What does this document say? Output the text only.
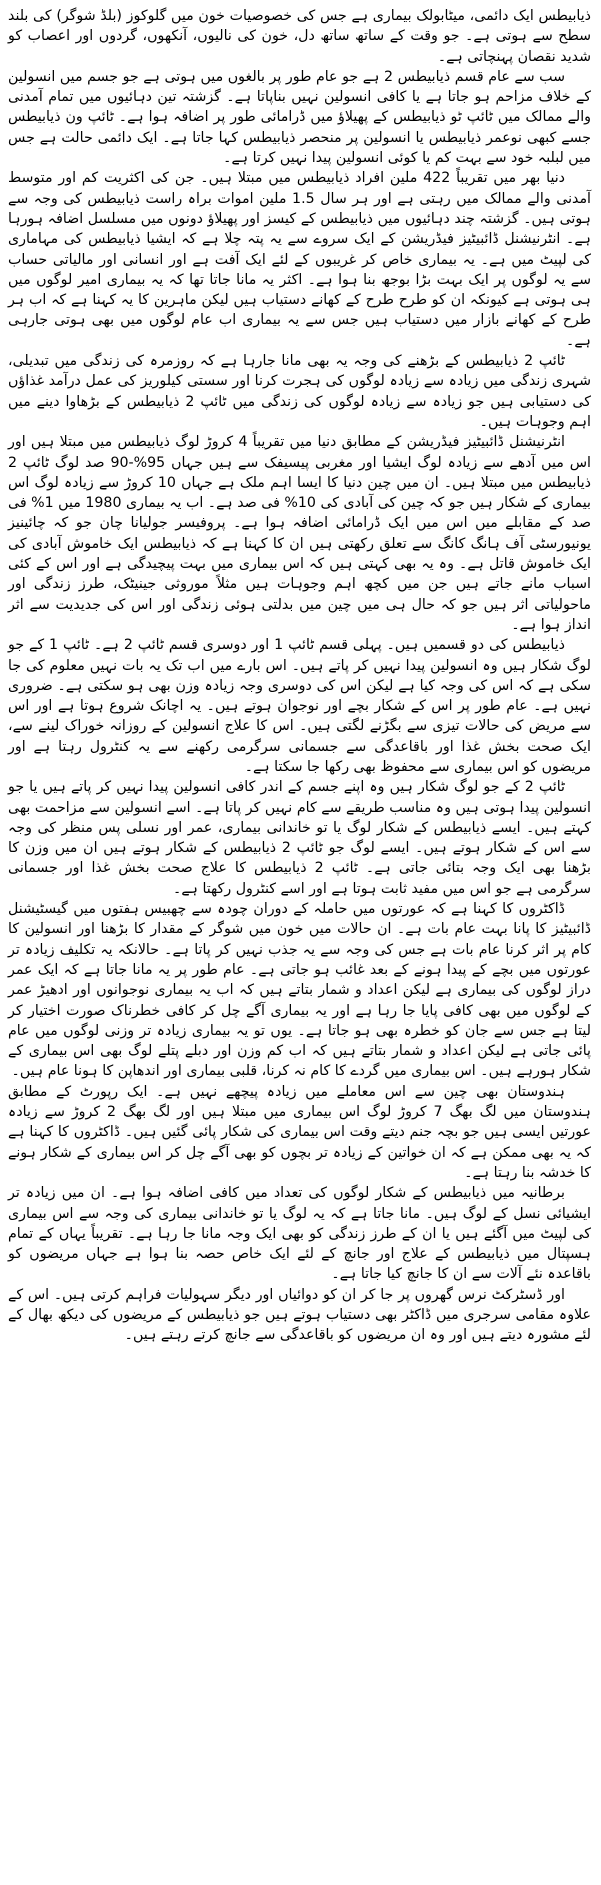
ذیابیطس ایک دائمی، میٹابولک بیماری ہے جس کی خصوصیات خون میں گلوکوز (بلڈ شوگر) کی بلند سطح سے ہوتی ہے۔ جو وقت کے ساتھ ساتھ دل، خون کی نالیوں، آنکھوں، گردوں اور اعصاب کو شدید نقصان پہنچاتی ہے۔

سب سے عام قسم ذیابیطس 2 ہے جو عام طور پر بالغوں میں ہوتی ہے جو جسم میں انسولین کے خلاف مزاحم ہو جاتا ہے یا کافی انسولین نہیں بناپاتا ہے۔ گزشتہ تین دہائیوں میں تمام آمدنی والے ممالک میں ٹائپ ٹو ذیابیطس کے پھیلاؤ میں ڈرامائی طور پر اضافہ ہوا ہے۔ ٹائپ ون ذیابیطس جسے کبھی نوعمر ذیابیطس یا انسولین پر منحصر ذیابیطس کہا جاتا ہے۔ ایک دائمی حالت ہے جس میں لبلبہ خود سے بہت کم یا کوئی انسولین پیدا نہیں کرتا ہے۔

دنیا بھر میں تقریباً 422 ملین افراد ذیابیطس میں مبتلا ہیں۔ جن کی اکثریت کم اور متوسط آمدنی والے ممالک میں رہتی ہے اور ہر سال 1.5 ملین اموات براہ راست ذیابیطس کی وجہ سے ہوتی ہیں۔ گزشتہ چند دہائیوں میں ذیابیطس کے کیسز اور پھیلاؤ دونوں میں مسلسل اضافہ ہورہا ہے۔ انٹرنیشنل ڈائبیٹیز فیڈریشن کے ایک سروے سے یہ پتہ چلا ہے کہ ایشیا ذیابیطس کی مہاماری کی لپیٹ میں ہے۔ یہ بیماری خاص کر غریبوں کے لئے ایک آفت ہے اور انسانی اور مالیاتی حساب سے یہ لوگوں پر ایک بہت بڑا بوجھ بنا ہوا ہے۔ اکثر یہ مانا جاتا تھا کہ یہ بیماری امیر لوگوں میں ہی ہوتی ہے کیونکہ ان کو طرح طرح کے کھانے دستیاب ہیں لیکن ماہرین کا یہ کہنا ہے کہ اب ہر طرح کے کھانے بازار میں دستیاب ہیں جس سے یہ بیماری اب عام لوگوں میں بھی ہوتی جارہی ہے۔

ٹائپ 2 ذیابیطس کے بڑھنے کی وجہ یہ بھی مانا جارہا ہے کہ روزمرہ کی زندگی میں تبدیلی، شہری زندگی میں زیادہ سے زیادہ لوگوں کی ہجرت کرنا اور سستی کیلوریز کی عمل درآمد غذاؤں کی دستیابی ہیں جو زیادہ سے زیادہ لوگوں کی زندگی میں ٹائپ 2 ذیابیطس کے بڑھاوا دینے میں اہم وجوہات ہیں۔

انٹرنیشنل ڈائبیٹیز فیڈریشن کے مطابق دنیا میں تقریباً 4 کروڑ لوگ ذیابیطس میں مبتلا ہیں اور اس میں آدھے سے زیادہ لوگ ایشیا اور مغربی پیسیفک سے ہیں جہاں 95%-90 صد لوگ ٹائپ 2 ذیابیطس میں مبتلا ہیں۔ ان میں چین دنیا کا ایسا اہم ملک ہے جہاں 10 کروڑ سے زیادہ لوگ اس بیماری کے شکار ہیں جو کہ چین کی آبادی کی 10% فی صد ہے۔ اب یہ بیماری 1980 میں 1% فی صد کے مقابلے میں اس میں ایک ڈرامائی اضافہ ہوا ہے۔ پروفیسر جولیانا چان جو کہ چائینیز یونیورسٹی آف ہانگ کانگ سے تعلق رکھتی ہیں ان کا کہنا ہے کہ ذیابیطس ایک خاموش آبادی کی ایک خاموش قاتل ہے۔ وہ یہ بھی کہتی ہیں کہ اس بیماری میں بہت پیچیدگی ہے اور اس کے کئی اسباب مانے جاتے ہیں جن میں کچھ اہم وجوہات ہیں مثلاً موروثی جینیٹک، طرز زندگی اور ماحولیاتی اثر ہیں جو کہ حال ہی میں چین میں بدلتی ہوئی زندگی اور اس کی جدیدیت سے اثر انداز ہوا ہے۔

ذیابیطس کی دو قسمیں ہیں۔ پہلی قسم ٹائپ 1 اور دوسری قسم ٹائپ 2 ہے۔ ٹائپ 1 کے جو لوگ شکار ہیں وہ انسولین پیدا نہیں کر پاتے ہیں۔ اس بارے میں اب تک یہ بات نہیں معلوم کی جا سکی ہے کہ اس کی وجہ کیا ہے لیکن اس کی دوسری وجہ زیادہ وزن بھی ہو سکتی ہے۔ ضروری نہیں ہے۔ عام طور پر اس کے شکار بچے اور نوجوان ہوتے ہیں۔ یہ اچانک شروع ہوتا ہے اور اس سے مریض کی حالات تیزی سے بگڑنے لگتی ہیں۔ اس کا علاج انسولین کے روزانہ خوراک لینے سے، ایک صحت بخش غذا اور باقاعدگی سے جسمانی سرگرمی رکھنے سے یہ کنٹرول رہتا ہے اور مریضوں کو اس بیماری سے محفوظ بھی رکھا جا سکتا ہے۔

ٹائپ 2 کے جو لوگ شکار ہیں وہ اپنے جسم کے اندر کافی انسولین پیدا نہیں کر پاتے ہیں یا جو انسولین پیدا ہوتی ہیں وہ مناسب طریقے سے کام نہیں کر پاتا ہے۔ اسے انسولین سے مزاحمت بھی کہتے ہیں۔ ایسے ذیابیطس کے شکار لوگ یا تو خاندانی بیماری، عمر اور نسلی پس منظر کی وجہ سے اس کے شکار ہوتے ہیں۔ ایسے لوگ جو ٹائپ 2 ذیابیطس کے شکار ہوتے ہیں ان میں وزن کا بڑھنا بھی ایک وجہ بتائی جاتی ہے۔ ٹائپ 2 ذیابیطس کا علاج صحت بخش غذا اور جسمانی سرگرمی ہے جو اس میں مفید ثابت ہوتا ہے اور اسے کنٹرول رکھتا ہے۔

ڈاکٹروں کا کہنا ہے کہ عورتوں میں حاملہ کے دوران چودہ سے چھبیس ہفتوں میں گیسٹیشنل ڈائبیٹیز کا پانا بہت عام بات ہے۔ ان حالات میں خون میں شوگر کے مقدار کا بڑھنا اور انسولین کا کام پر اثر کرنا عام بات ہے جس کی وجہ سے یہ جذب نہیں کر پاتا ہے۔ حالانکہ یہ تکلیف زیادہ تر عورتوں میں بچے کے پیدا ہونے کے بعد غائب ہو جاتی ہے۔ عام طور پر یہ مانا جاتا ہے کہ ایک عمر دراز لوگوں کی بیماری ہے لیکن اعداد و شمار بتاتے ہیں کہ اب یہ بیماری نوجوانوں اور ادھیڑ عمر کے لوگوں میں بھی کافی پایا جا رہا ہے اور یہ بیماری آگے چل کر کافی خطرناک صورت اختیار کر لیتا ہے جس سے جان کو خطرہ بھی ہو جاتا ہے۔ یوں تو یہ بیماری زیادہ تر وزنی لوگوں میں عام پائی جاتی ہے لیکن اعداد و شمار بتاتے ہیں کہ اب کم وزن اور دبلے پتلے لوگ بھی اس بیماری کے شکار ہورہے ہیں۔ اس بیماری میں گردے کا کام نہ کرنا، قلبی بیماری اور اندھاپن کا ہونا عام ہیں۔

ہندوستان بھی چین سے اس معاملے میں زیادہ پیچھے نہیں ہے۔ ایک رپورٹ کے مطابق ہندوستان میں لگ بھگ 7 کروڑ لوگ اس بیماری میں مبتلا ہیں اور لگ بھگ 2 کروڑ سے زیادہ عورتیں ایسی ہیں جو بچہ جنم دیتے وقت اس بیماری کی شکار پائی گئیں ہیں۔ ڈاکٹروں کا کہنا ہے کہ یہ بھی ممکن ہے کہ ان خواتین کے زیادہ تر بچوں کو بھی آگے چل کر اس بیماری کے شکار ہونے کا خدشہ بنا رہتا ہے۔

برطانیہ میں ذیابیطس کے شکار لوگوں کی تعداد میں کافی اضافہ ہوا ہے۔ ان میں زیادہ تر ایشیائی نسل کے لوگ ہیں۔ مانا جاتا ہے کہ یہ لوگ یا تو خاندانی بیماری کی وجہ سے اس بیماری کی لپیٹ میں آگئے ہیں یا ان کے طرز زندگی کو بھی ایک وجہ مانا جا رہا ہے۔ تقریباً یہاں کے تمام ہسپتال میں ذیابیطس کے علاج اور جانچ کے لئے ایک خاص حصہ بنا ہوا ہے جہاں مریضوں کو باقاعدہ نئے آلات سے ان کا جانچ کیا جاتا ہے۔

اور ڈسٹرکٹ نرس گھروں پر جا کر ان کو دوائیاں اور دیگر سہولیات فراہم کرتی ہیں۔ اس کے علاوہ مقامی سرجری میں ڈاکٹر بھی دستیاب ہوتے ہیں جو ذیابیطس کے مریضوں کی دیکھ بھال کے لئے مشورہ دیتے ہیں اور وہ ان مریضوں کو باقاعدگی سے جانچ کرتے رہتے ہیں۔
